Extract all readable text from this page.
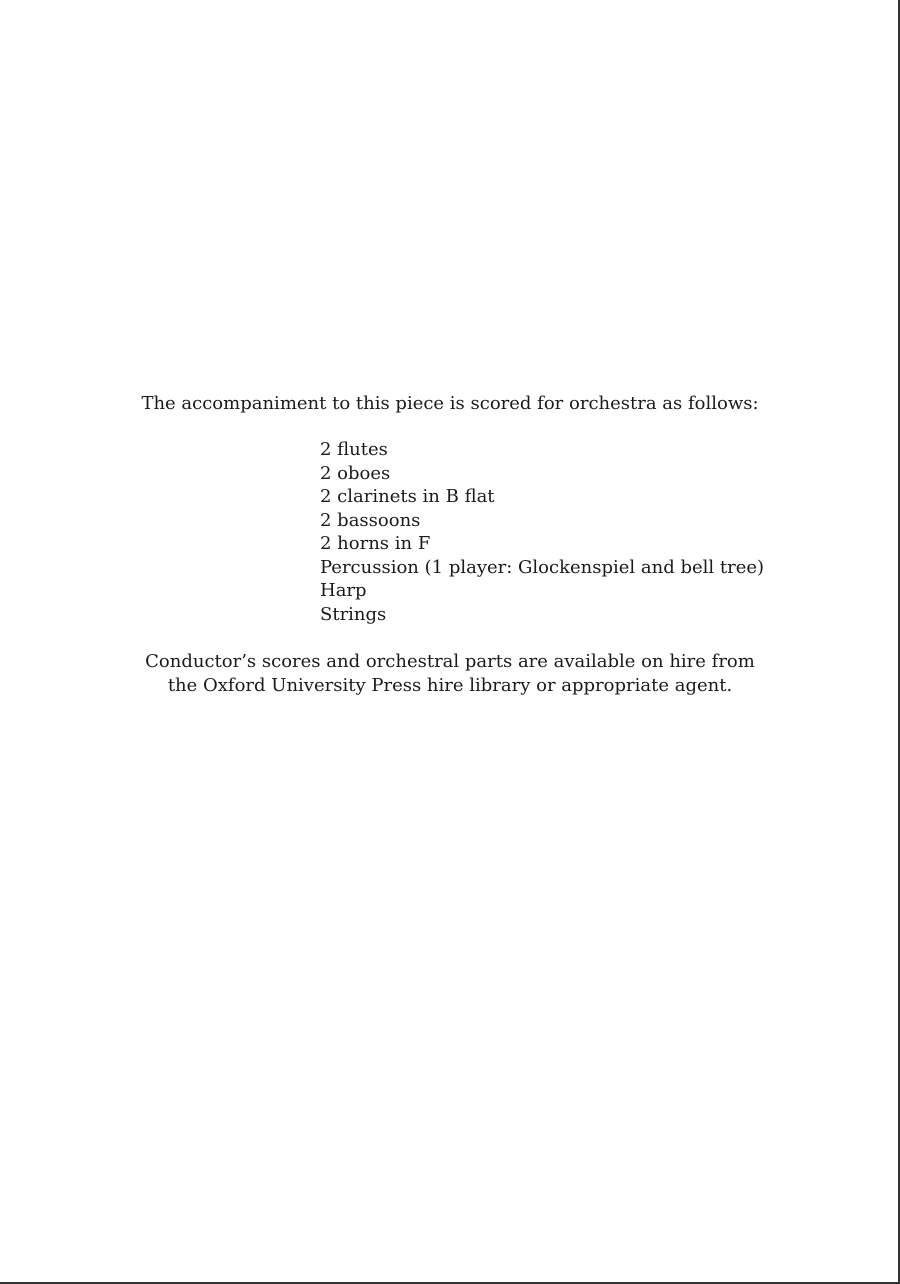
The accompaniment to this piece is scored for orchestra as follows:

2 flutes
2 oboes
2 clarinets in B flat
2 bassoons
2 horns in F
Percussion (1 player: Glockenspiel and bell tree)
Harp
Strings

Conductor’s scores and orchestral parts are available on hire from
the Oxford University Press hire library or appropriate agent.
